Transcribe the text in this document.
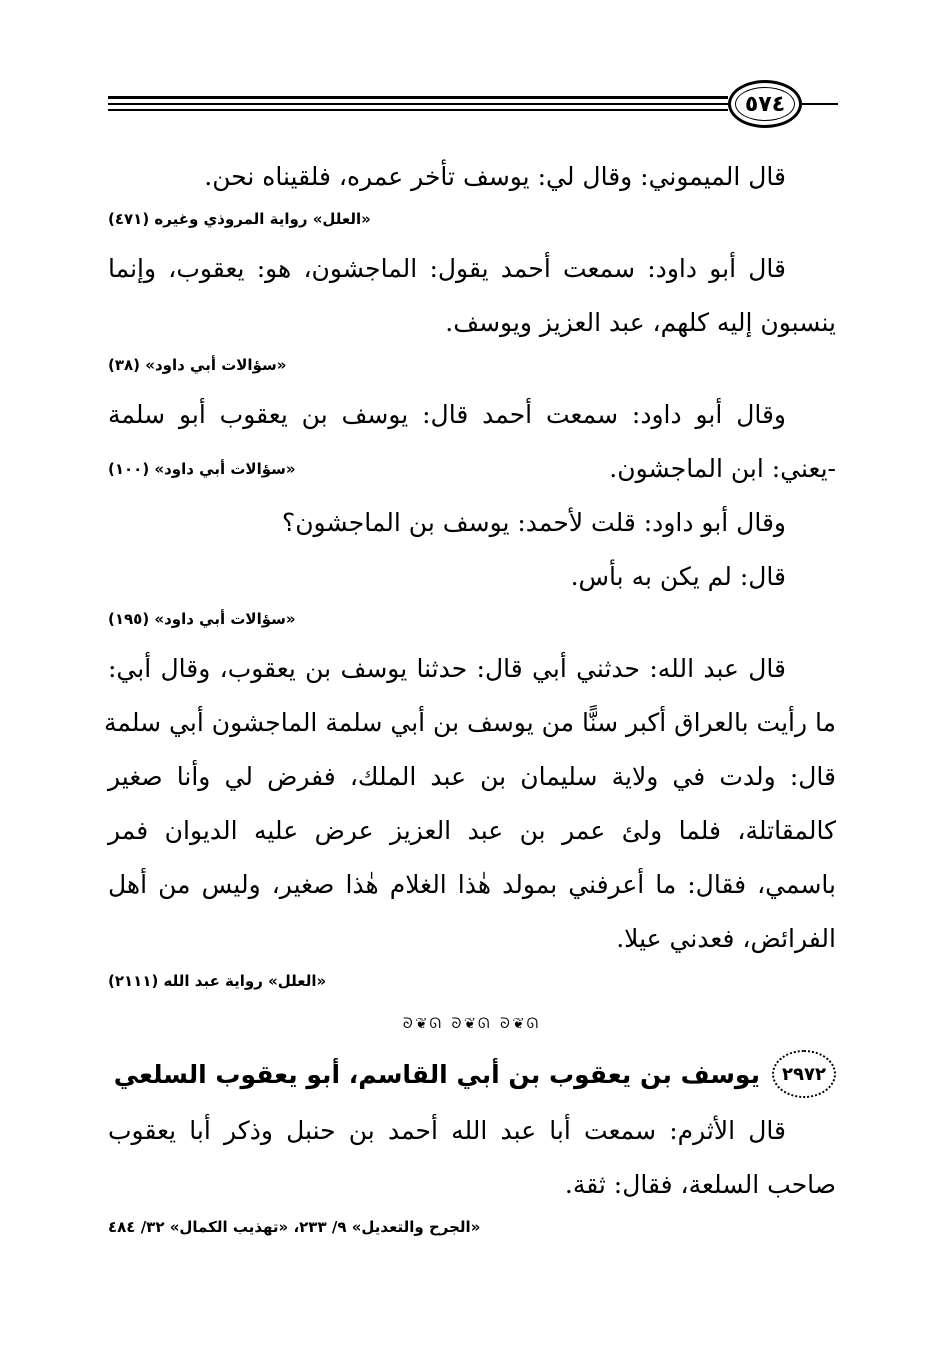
٥٧٤
قال الميموني: وقال لي: يوسف تأخر عمره، فلقيناه نحن.
«العلل» رواية المروذي وغيره (٤٧١)
قال أبو داود: سمعت أحمد يقول: الماجشون، هو: يعقوب، وإنما
ينسبون إليه كلهم، عبد العزيز ويوسف.
«سؤالات أبي داود» (٣٨)
وقال أبو داود: سمعت أحمد قال: يوسف بن يعقوب أبو سلمة
-يعني: ابن الماجشون.
«سؤالات أبي داود» (١٠٠)
وقال أبو داود: قلت لأحمد: يوسف بن الماجشون؟
قال: لم يكن به بأس.
«سؤالات أبي داود» (١٩٥)
قال عبد الله: حدثني أبي قال: حدثنا يوسف بن يعقوب، وقال أبي:
ما رأيت بالعراق أكبر سنًّا من يوسف بن أبي سلمة الماجشون أبي سلمة
قال: ولدت في ولاية سليمان بن عبد الملك، ففرض لي وأنا صغير
كالمقاتلة، فلما ولئ عمر بن عبد العزيز عرض عليه الديوان فمر
باسمي، فقال: ما أعرفني بمولد هٰذا الغلام هٰذا صغير، وليس من أهل
الفرائض، فعدني عيلا.
«العلل» رواية عبد الله (٢١١١)
ᘐ❦ᘏ ᘐ❦ᘏ ᘐ❦ᘏ
٢٩٧٢
يوسف بن يعقوب بن أبي القاسم، أبو يعقوب السلعي
قال الأثرم: سمعت أبا عبد الله أحمد بن حنبل وذكر أبا يعقوب
صاحب السلعة، فقال: ثقة.
«الجرح والتعديل» ٩/ ٢٣٣، «تهذيب الكمال» ٣٢/ ٤٨٤
